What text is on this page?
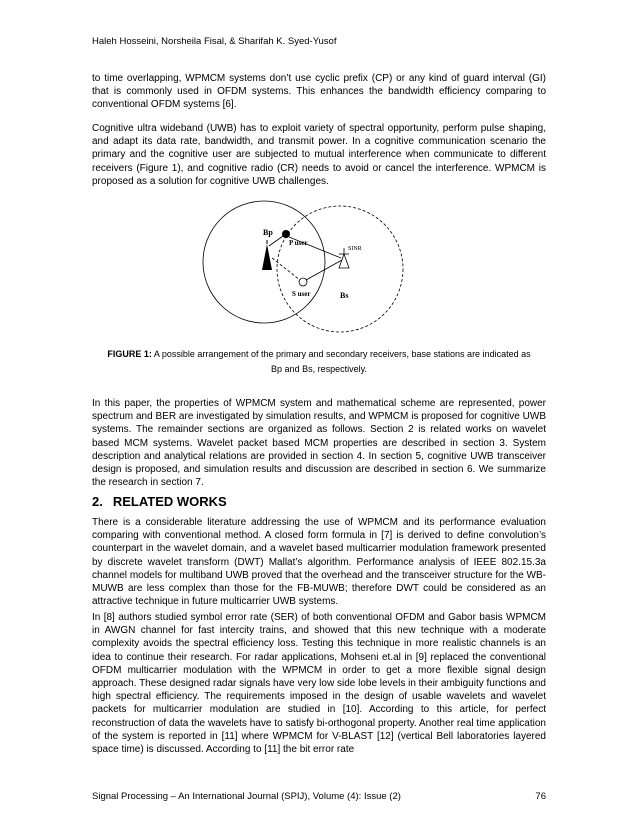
Haleh Hosseini, Norsheila Fisal, & Sharifah K. Syed-Yusof

to time overlapping, WPMCM systems don’t use cyclic prefix (CP) or any kind of guard interval (GI) that is commonly used in OFDM systems. This enhances the bandwidth efficiency comparing to conventional OFDM systems [6].

Cognitive ultra wideband (UWB) has to exploit variety of spectral opportunity, perform pulse shaping, and adapt its data rate, bandwidth, and transmit power. In a cognitive communication scenario the primary and the cognitive user are subjected to mutual interference when communicate to different receivers (Figure 1), and cognitive radio (CR) needs to avoid or cancel the interference. WPMCM is proposed as a solution for cognitive UWB challenges.

Bp
P user
S user	Bs
SINR
FIGURE 1: A possible arrangement of the primary and secondary receivers, base stations are indicated as
Bp and Bs, respectively.

In this paper, the properties of WPMCM system and mathematical scheme are represented, power spectrum and BER are investigated by simulation results, and WPMCM is proposed for cognitive UWB systems. The remainder sections are organized as follows. Section 2 is related works on wavelet based MCM systems. Wavelet packet based MCM properties are described in section 3. System description and analytical relations are provided in section 4. In section 5, cognitive UWB transceiver design is proposed, and simulation results and discussion are described in section 6. We summarize the research in section 7.

2. RELATED WORKS

There is a considerable literature addressing the use of WPMCM and its performance evaluation comparing with conventional method. A closed form formula in [7] is derived to define convolution’s counterpart in the wavelet domain, and a wavelet based multicarrier modulation framework presented by discrete wavelet transform (DWT) Mallat’s algorithm. Performance analysis of IEEE 802.15.3a channel models for multiband UWB proved that the overhead and the transceiver structure for the WB-MUWB are less complex than those for the FB-MUWB; therefore DWT could be considered as an attractive technique in future multicarrier UWB systems.

In [8] authors studied symbol error rate (SER) of both conventional OFDM and Gabor basis WPMCM in AWGN channel for fast intercity trains, and showed that this new technique with a moderate complexity avoids the spectral efficiency loss. Testing this technique in more realistic channels is an idea to continue their research. For radar applications, Mohseni et.al in [9] replaced the conventional OFDM multicarrier modulation with the WPMCM in order to get a more flexible signal design approach. These designed radar signals have very low side lobe levels in their ambiguity functions and high spectral efficiency. The requirements imposed in the design of usable wavelets and wavelet packets for multicarrier modulation are studied in [10]. According to this article, for perfect reconstruction of data the wavelets have to satisfy bi-orthogonal property. Another real time application of the system is reported in [11] where WPMCM for V-BLAST [12] (vertical Bell laboratories layered space time) is discussed. According to [11] the bit error rate

Signal Processing – An International Journal (SPIJ), Volume (4): Issue (2)	76
